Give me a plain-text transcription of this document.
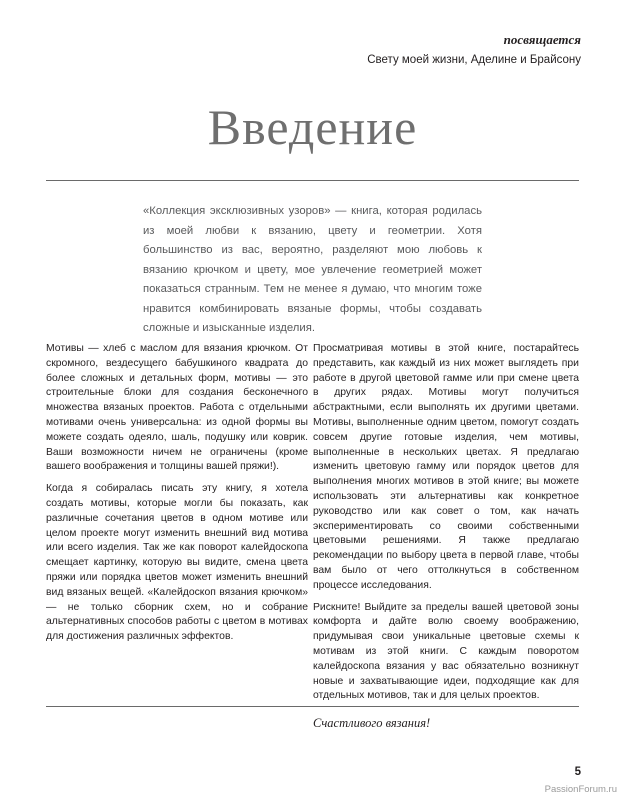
посвящается

Свету моей жизни, Аделине и Брайсону

Введение

«Коллекция эксклюзивных узоров» — книга, которая родилась из моей любви к вязанию, цвету и геометрии. Хотя большинство из вас, вероятно, разделяют мою любовь к вязанию крючком и цвету, мое увлечение геометрией может показаться странным. Тем не менее я думаю, что многим тоже нравится комбинировать вязаные формы, чтобы создавать сложные и изысканные изделия.

Мотивы — хлеб с маслом для вязания крючком. От скромного, вездесущего бабушкиного квадрата до более сложных и детальных форм, мотивы — это строительные блоки для создания бесконечного множества вязаных проектов. Работа с отдельными мотивами очень универсальна: из одной формы вы можете создать одеяло, шаль, подушку или коврик. Ваши возможности ничем не ограничены (кроме вашего воображения и толщины вашей пряжи!).

Когда я собиралась писать эту книгу, я хотела создать мотивы, которые могли бы показать, как различные сочетания цветов в одном мотиве или целом проекте могут изменить внешний вид мотива или всего изделия. Так же как поворот калейдоскопа смещает картинку, которую вы видите, смена цвета пряжи или порядка цветов может изменить внешний вид вязаных вещей. «Калейдоскоп вязания крючком» — не только сборник схем, но и собрание альтернативных способов работы с цветом в мотивах для достижения различных эффектов.

Просматривая мотивы в этой книге, постарайтесь представить, как каждый из них может выглядеть при работе в другой цветовой гамме или при смене цвета в других рядах. Мотивы могут получиться абстрактными, если выполнять их другими цветами. Мотивы, выполненные одним цветом, помогут создать совсем другие готовые изделия, чем мотивы, выполненные в нескольких цветах. Я предлагаю изменить цветовую гамму или порядок цветов для выполнения многих мотивов в этой книге; вы можете использовать эти альтернативы как конкретное руководство или как совет о том, как начать экспериментировать со своими собственными цветовыми решениями. Я также предлагаю рекомендации по выбору цвета в первой главе, чтобы вам было от чего оттолкнуться в собственном процессе исследования.

Рискните! Выйдите за пределы вашей цветовой зоны комфорта и дайте волю своему воображению, придумывая свои уникальные цветовые схемы к мотивам из этой книги. С каждым поворотом калейдоскопа вязания у вас обязательно возникнут новые и захватывающие идеи, подходящие как для отдельных мотивов, так и для целых проектов.

Счастливого вязания!

5

PassionForum.ru
